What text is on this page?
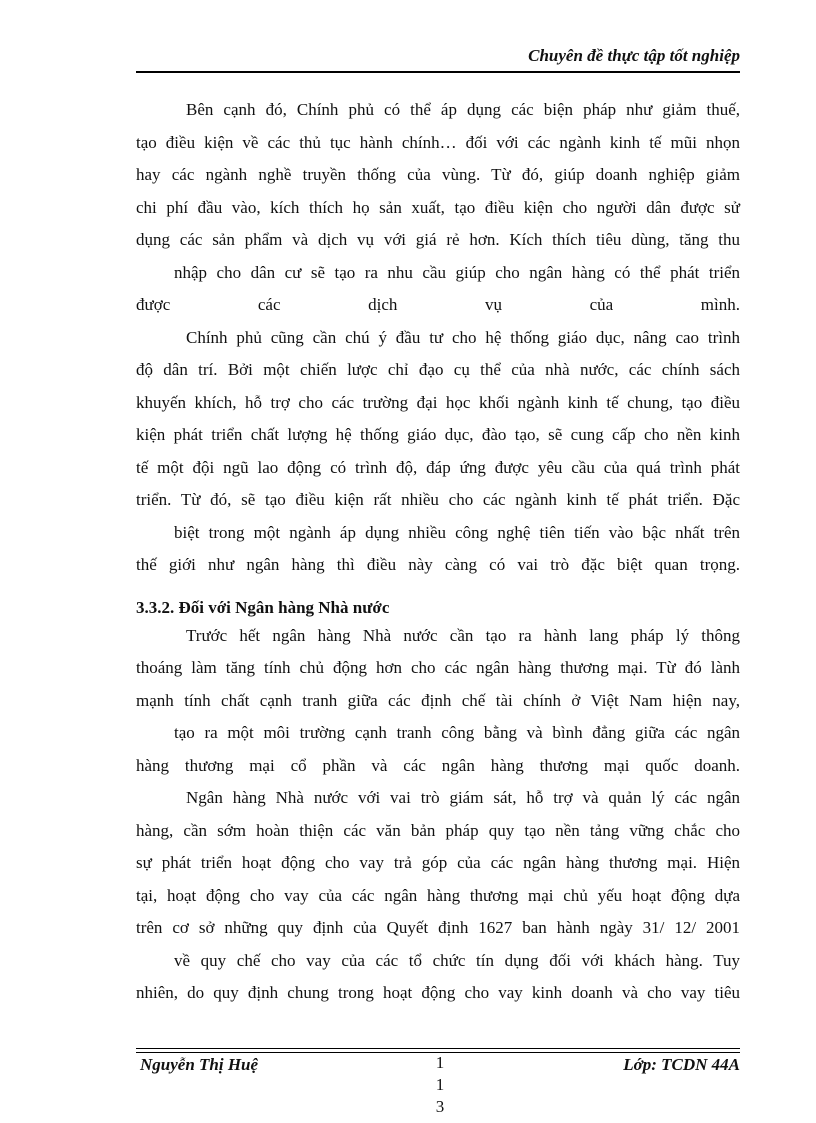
Chuyên đề thực tập tốt nghiệp
Bên cạnh đó, Chính phủ có thể áp dụng các biện pháp như giảm thuế,
tạo điều kiện về các thủ tục hành chính… đối với các ngành kinh tế mũi nhọn
hay các ngành nghề truyền thống của vùng. Từ đó, giúp doanh nghiệp giảm
chi phí đầu vào, kích thích họ sản xuất, tạo điều kiện cho người dân được sử
dụng các sản phẩm và dịch vụ với giá rẻ hơn. Kích thích tiêu dùng, tăng thu
nhập cho dân cư sẽ tạo ra nhu cầu giúp cho ngân hàng có thể phát triển
được các dịch vụ của mình.
Chính phủ cũng cần chú ý đầu tư cho hệ thống giáo dục, nâng cao trình
độ dân trí. Bởi một chiến lược chỉ đạo cụ thể của nhà nước, các chính sách
khuyến khích, hỗ trợ cho các trường đại học khối ngành kinh tế chung, tạo điều
kiện phát triển chất lượng hệ thống giáo dục, đào tạo, sẽ cung cấp cho nền kinh
tế một đội ngũ lao động có trình độ, đáp ứng được yêu cầu của quá trình phát
triển. Từ đó, sẽ tạo điều kiện rất nhiều cho các ngành kinh tế phát triển. Đặc
biệt trong một ngành áp dụng nhiều công nghệ tiên tiến vào bậc nhất trên
thế giới như ngân hàng thì điều này càng có vai trò đặc biệt quan trọng.
3.3.2. Đối với Ngân hàng Nhà nước
Trước hết ngân hàng Nhà nước cần tạo ra hành lang pháp lý thông
thoáng làm tăng tính chủ động hơn cho các ngân hàng thương mại. Từ đó lành
mạnh tính chất cạnh tranh giữa các định chế tài chính ở Việt Nam hiện nay,
tạo ra một môi trường cạnh tranh công bằng và bình đẳng giữa các ngân
hàng thương mại cổ phần và các ngân hàng thương mại quốc doanh.
Ngân hàng Nhà nước với vai trò giám sát, hỗ trợ và quản lý các ngân
hàng, cần sớm hoàn thiện các văn bản pháp quy tạo nền tảng vững chắc cho
sự phát triển hoạt động cho vay trả góp của các ngân hàng thương mại. Hiện
tại, hoạt động cho vay của các ngân hàng thương mại chủ yếu hoạt động dựa
trên cơ sở những quy định của Quyết định 1627 ban hành ngày 31/ 12/ 2001
về quy chế cho vay của các tổ chức tín dụng đối với khách hàng. Tuy
nhiên, do quy định chung trong hoạt động cho vay kinh doanh và cho vay tiêu
Nguyễn Thị Huệ	1
1
3
Lớp: TCDN 44A
